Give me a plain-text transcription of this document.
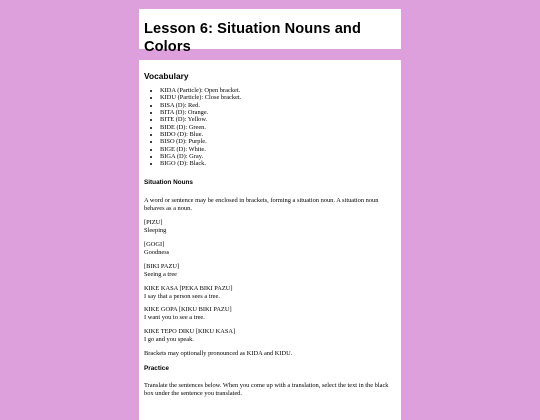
Lesson 6: Situation Nouns and Colors
Vocabulary
• KIDA (Particle): Open bracket.
• KIDU (Particle): Close bracket.
• BISA (D): Red.
• BITA (D): Orange.
• BITE (D): Yellow.
• BIDE (D): Green.
• BIDO (D): Blue.
• BISO (D): Purple.
• BIGE (D): White.
• BIGA (D): Gray.
• BIGO (D): Black.
Situation Nouns

A word or sentence may be enclosed in brackets, forming a situation noun. A situation noun behaves as a noun.

[PIZU]
Sleeping
[GOGI]
Goodness
[BIKI PAZU]
Seeing a tree
KIKE KASA [PEKA BIKI PAZU]
I say that a person sees a tree.
KIKE GOPA [KIKU BIKI PAZU]
I want you to see a tree.
KIKE TEPO DIKU [KIKU KASA]
I go and you speak.

Brackets may optionally pronounced as KIDA and KIDU.

Practice

Translate the sentences below. When you come up with a translation, select the text in the black box under the sentence you translated.
